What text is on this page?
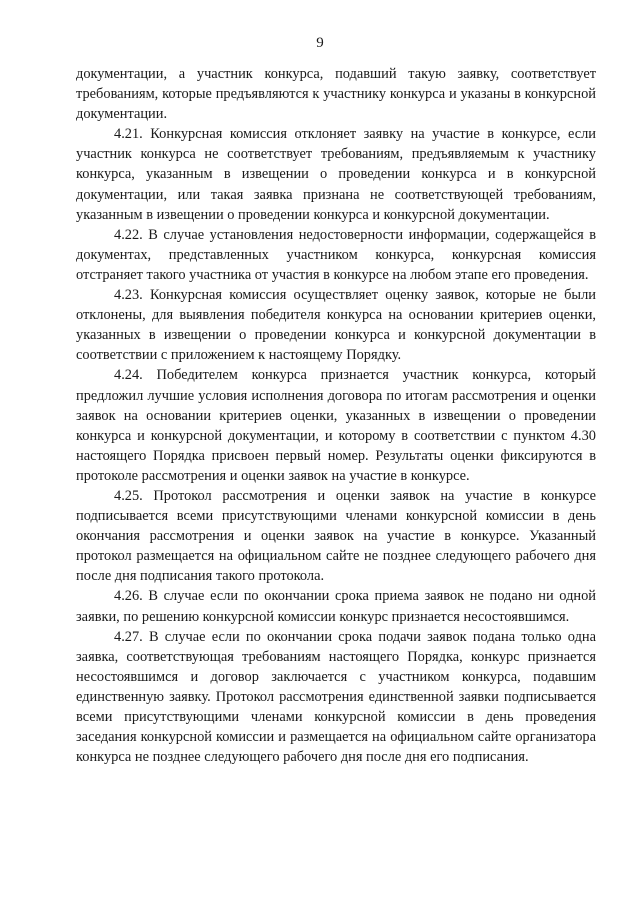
9

документации, а участник конкурса, подавший такую заявку, соответствует требованиям, которые предъявляются к участнику конкурса и указаны в конкурсной документации.

4.21. Конкурсная комиссия отклоняет заявку на участие в конкурсе, если участник конкурса не соответствует требованиям, предъявляемым к участнику конкурса, указанным в извещении о проведении конкурса и в конкурсной документации, или такая заявка признана не соответствующей требованиям, указанным в извещении о проведении конкурса и конкурсной документации.

4.22. В случае установления недостоверности информации, содержащейся в документах, представленных участником конкурса, конкурсная комиссия отстраняет такого участника от участия в конкурсе на любом этапе его проведения.

4.23. Конкурсная комиссия осуществляет оценку заявок, которые не были отклонены, для выявления победителя конкурса на основании критериев оценки, указанных в извещении о проведении конкурса и конкурсной документации в соответствии с приложением к настоящему Порядку.

4.24. Победителем конкурса признается участник конкурса, который предложил лучшие условия исполнения договора по итогам рассмотрения и оценки заявок на основании критериев оценки, указанных в извещении о проведении конкурса и конкурсной документации, и которому в соответствии с пунктом 4.30 настоящего Порядка присвоен первый номер. Результаты оценки фиксируются в протоколе рассмотрения и оценки заявок на участие в конкурсе.

4.25. Протокол рассмотрения и оценки заявок на участие в конкурсе подписывается всеми присутствующими членами конкурсной комиссии в день окончания рассмотрения и оценки заявок на участие в конкурсе. Указанный протокол размещается на официальном сайте не позднее следующего рабочего дня после дня подписания такого протокола.

4.26. В случае если по окончании срока приема заявок не подано ни одной заявки, по решению конкурсной комиссии конкурс признается несостоявшимся.

4.27. В случае если по окончании срока подачи заявок подана только одна заявка, соответствующая требованиям настоящего Порядка, конкурс признается несостоявшимся и договор заключается с участником конкурса, подавшим единственную заявку. Протокол рассмотрения единственной заявки подписывается всеми присутствующими членами конкурсной комиссии в день проведения заседания конкурсной комиссии и размещается на официальном сайте организатора конкурса не позднее следующего рабочего дня после дня его подписания.
